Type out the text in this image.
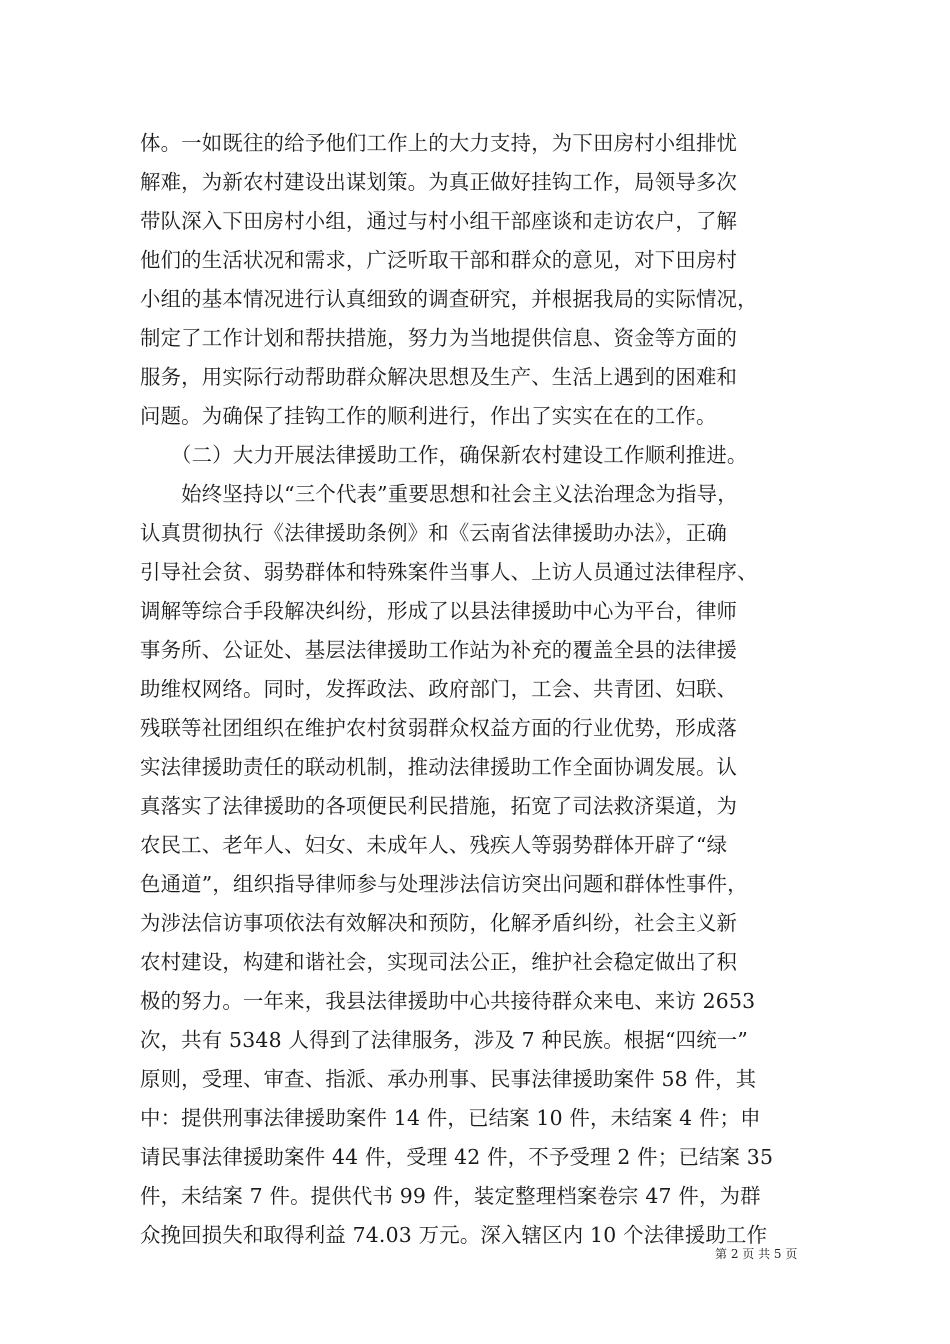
体。一如既往的给予他们工作上的大力支持，为下田房村小组排忧
解难，为新农村建设出谋划策。为真正做好挂钩工作，局领导多次
带队深入下田房村小组，通过与村小组干部座谈和走访农户，了解
他们的生活状况和需求，广泛听取干部和群众的意见，对下田房村
小组的基本情况进行认真细致的调查研究，并根据我局的实际情况，
制定了工作计划和帮扶措施，努力为当地提供信息、资金等方面的
服务，用实际行动帮助群众解决思想及生产、生活上遇到的困难和
问题。为确保了挂钩工作的顺利进行，作出了实实在在的工作。
　　（二）大力开展法律援助工作，确保新农村建设工作顺利推进。
　　始终坚持以“三个代表”重要思想和社会主义法治理念为指导，
认真贯彻执行《法律援助条例》和《云南省法律援助办法》，正确
引导社会贫、弱势群体和特殊案件当事人、上访人员通过法律程序、
调解等综合手段解决纠纷，形成了以县法律援助中心为平台，律师
事务所、公证处、基层法律援助工作站为补充的覆盖全县的法律援
助维权网络。同时，发挥政法、政府部门，工会、共青团、妇联、
残联等社团组织在维护农村贫弱群众权益方面的行业优势，形成落
实法律援助责任的联动机制，推动法律援助工作全面协调发展。认
真落实了法律援助的各项便民利民措施，拓宽了司法救济渠道，为
农民工、老年人、妇女、未成年人、残疾人等弱势群体开辟了“绿
色通道”，组织指导律师参与处理涉法信访突出问题和群体性事件，
为涉法信访事项依法有效解决和预防，化解矛盾纠纷，社会主义新
农村建设，构建和谐社会，实现司法公正，维护社会稳定做出了积
极的努力。一年来，我县法律援助中心共接待群众来电、来访 2653
次，共有 5348 人得到了法律服务，涉及 7 种民族。根据“四统一”
原则，受理、审查、指派、承办刑事、民事法律援助案件 58 件，其
中：提供刑事法律援助案件 14 件，已结案 10 件，未结案 4 件；申
请民事法律援助案件 44 件，受理 42 件，不予受理 2 件；已结案 35
件，未结案 7 件。提供代书 99 件，装定整理档案卷宗 47 件，为群
众挽回损失和取得利益 74.03 万元。深入辖区内 10 个法律援助工作
第 2 页 共 5 页
